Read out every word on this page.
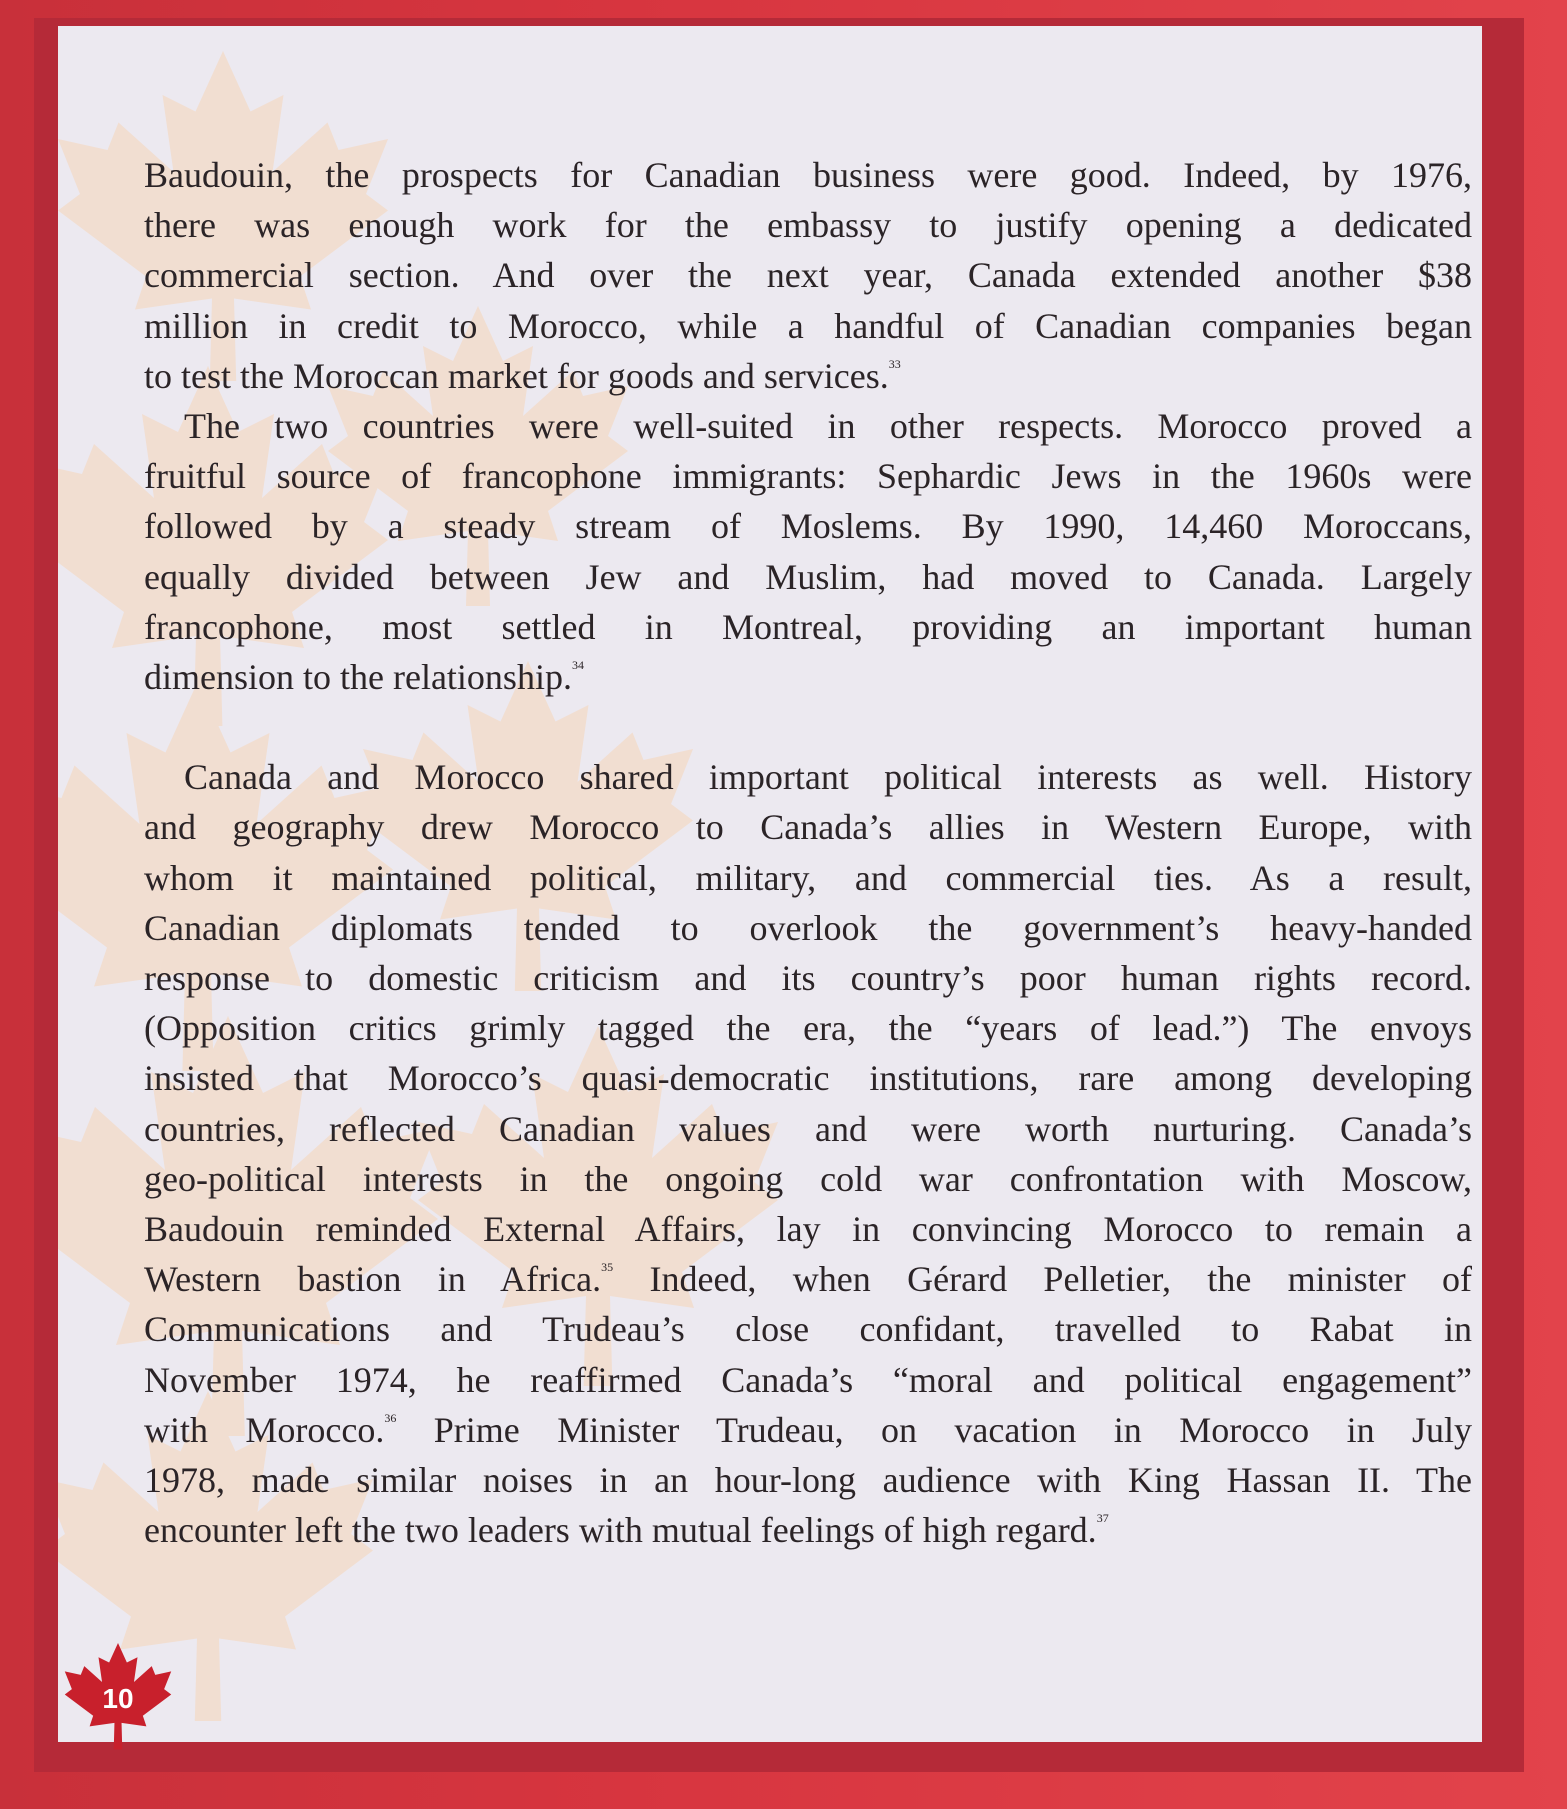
Baudouin, the prospects for Canadian business were good. Indeed, by 1976,
there was enough work for the embassy to justify opening a dedicated
commercial section. And over the next year, Canada extended another $38
million in credit to Morocco, while a handful of Canadian companies began

to test the Moroccan market for goods and services.$^{33}$

The two countries were well-suited in other respects. Morocco proved a
fruitful source of francophone immigrants: Sephardic Jews in the 1960s were
followed by a steady stream of Moslems. By 1990, 14,460 Moroccans,
equally divided between Jew and Muslim, had moved to Canada. Largely
francophone, most settled in Montreal, providing an important human

dimension to the relationship.$^{34}$

Canada and Morocco shared important political interests as well. History
and geography drew Morocco to Canada’s allies in Western Europe, with
whom it maintained political, military, and commercial ties. As a result,
Canadian diplomats tended to overlook the government’s heavy-handed
response to domestic criticism and its country’s poor human rights record.
(Opposition critics grimly tagged the era, the “years of lead.”) The envoys
insisted that Morocco’s quasi-democratic institutions, rare among developing
countries, reflected Canadian values and were worth nurturing. Canada’s
geo-political interests in the ongoing cold war confrontation with Moscow,
Baudouin reminded External Affairs, lay in convincing Morocco to remain a
Western bastion in Africa.$^{35}$ Indeed, when Gérard Pelletier, the minister of
Communications and Trudeau’s close confidant, travelled to Rabat in
November 1974, he reaffirmed Canada’s “moral and political engagement”
with Morocco.$^{36}$ Prime Minister Trudeau, on vacation in Morocco in July
1978, made similar noises in an hour-long audience with King Hassan II. The

encounter left the two leaders with mutual feelings of high regard.$^{37}$

10
